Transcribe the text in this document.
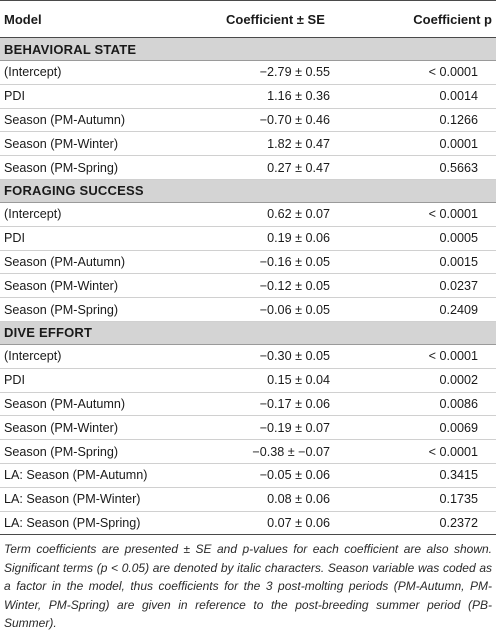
Model	Coefficient ± SE	Coefficient p
BEHAVIORAL STATE		
(Intercept)	−2.79 ± 0.55	< 0.0001
PDI	1.16 ± 0.36	0.0014
Season (PM-Autumn)	−0.70 ± 0.46	0.1266
Season (PM-Winter)	1.82 ± 0.47	0.0001
Season (PM-Spring)	0.27 ± 0.47	0.5663
FORAGING SUCCESS		
(Intercept)	0.62 ± 0.07	< 0.0001
PDI	0.19 ± 0.06	0.0005
Season (PM-Autumn)	−0.16 ± 0.05	0.0015
Season (PM-Winter)	−0.12 ± 0.05	0.0237
Season (PM-Spring)	−0.06 ± 0.05	0.2409
DIVE EFFORT		
(Intercept)	−0.30 ± 0.05	< 0.0001
PDI	0.15 ± 0.04	0.0002
Season (PM-Autumn)	−0.17 ± 0.06	0.0086
Season (PM-Winter)	−0.19 ± 0.07	0.0069
Season (PM-Spring)	−0.38 ± −0.07	< 0.0001
LA: Season (PM-Autumn)	−0.05 ± 0.06	0.3415
LA: Season (PM-Winter)	0.08 ± 0.06	0.1735
LA: Season (PM-Spring)	0.07 ± 0.06	0.2372

Term coefficients are presented ± SE and p-values for each coefficient are also shown. Significant terms (p < 0.05) are denoted by italic characters. Season variable was coded as a factor in the model, thus coefficients for the 3 post-molting periods (PM-Autumn, PM-Winter, PM-Spring) are given in reference to the post-breeding summer period (PB-Summer).
